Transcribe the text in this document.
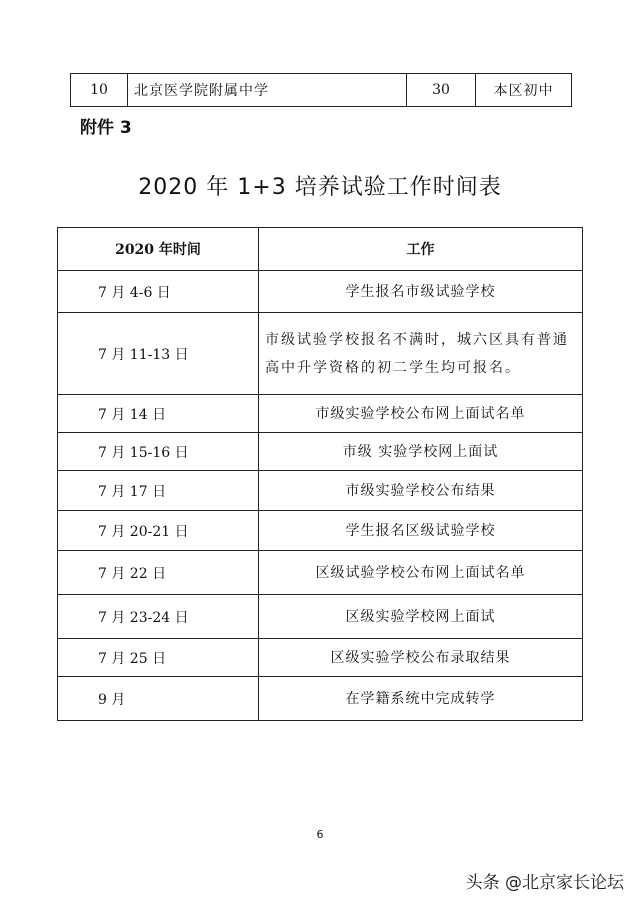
10	北京医学院附属中学	30	本区初中
附件 3
2020 年 1+3 培养试验工作时间表
2020 年时间	工作
7 月 4-6 日	学生报名市级试验学校
7 月 11-13 日	市级试验学校报名不满时，城六区具有普通高中升学资格的初二学生均可报名。
7 月 14 日	市级实验学校公布网上面试名单
7 月 15-16 日	市级 实验学校网上面试
7 月 17 日	市级实验学校公布结果
7 月 20-21 日	学生报名区级试验学校
7 月 22 日	区级试验学校公布网上面试名单
7 月 23-24 日	区级实验学校网上面试
7 月 25 日	区级实验学校公布录取结果
9 月	在学籍系统中完成转学
6
头条 @北京家长论坛
